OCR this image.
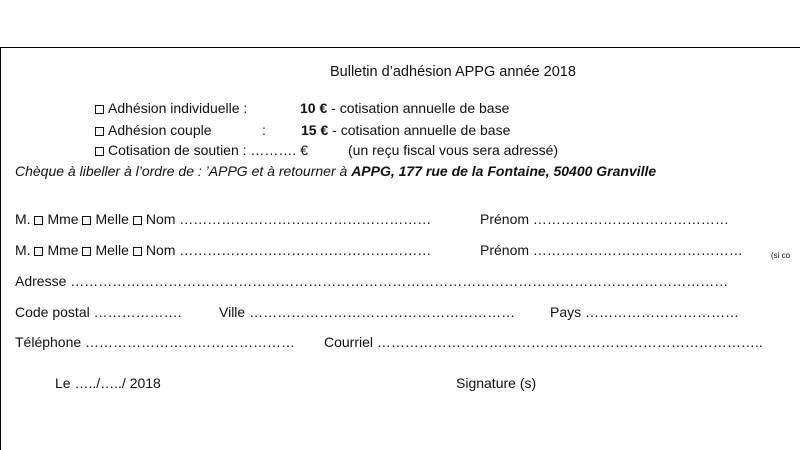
Bulletin d’adhésion APPG année 2018
Adhésion individuelle :	10 € - cotisation annuelle de base
Adhésion couple	:	15 € - cotisation annuelle de base
Cotisation de soutien : ………. €	(un reçu fiscal vous sera adressé)
Chèque à libeller à l’ordre de : ’APPG et à retourner à APPG, 177 rue de la Fontaine, 50400 Granville
M. Mme Melle Nom ………………………………………………	Prénom ……………………………………
M. Mme Melle Nom ………………………………………………	Prénom ………………………………………	(si co
Adresse ……………………………………………………………………………………………………………………………
Code postal ……………….	Ville ………………………………………………… Pays ……………………………
Téléphone ……………………………………… Courriel ………………………………………………………………………..
Le …../…../ 2018	Signature (s)
